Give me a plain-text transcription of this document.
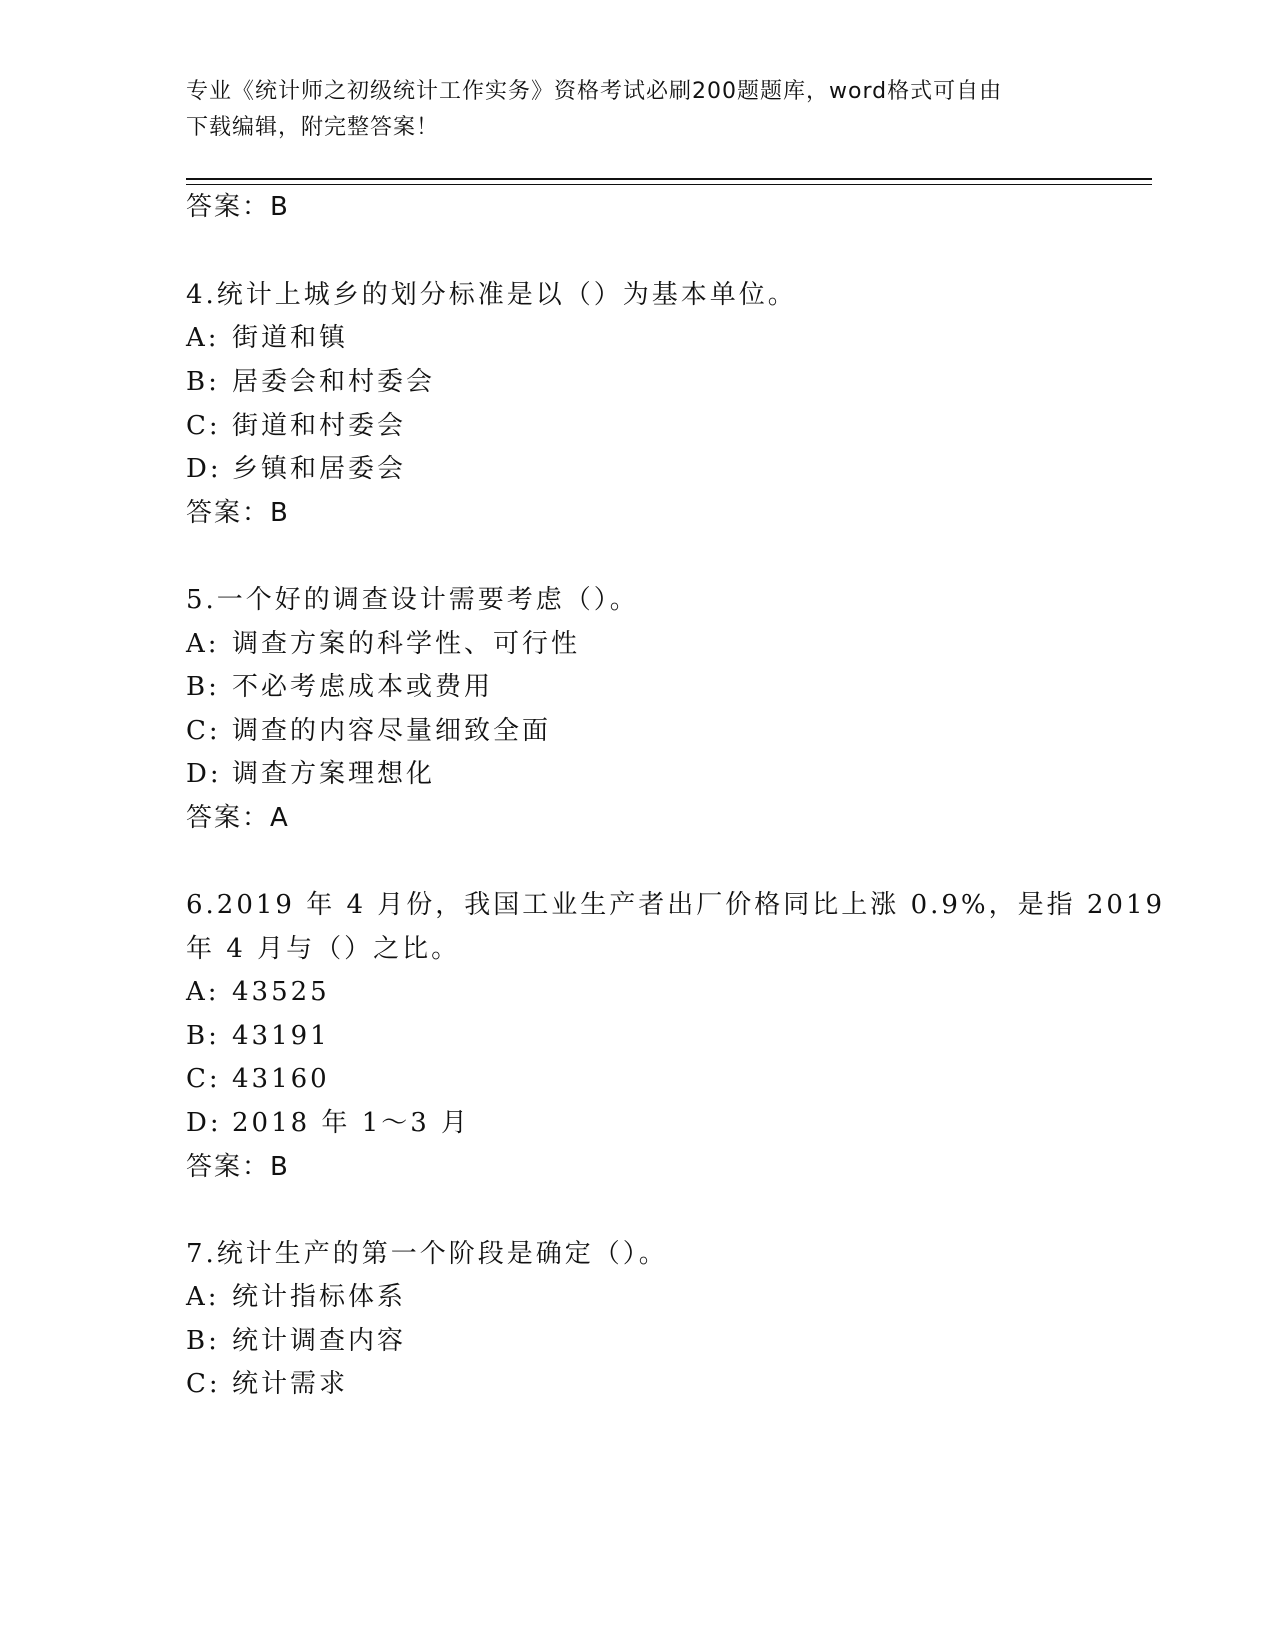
专业《统计师之初级统计工作实务》资格考试必刷200题题库，word格式可自由
下载编辑，附完整答案！
答案：B
4.统计上城乡的划分标准是以（）为基本单位。
A: 街道和镇
B: 居委会和村委会
C: 街道和村委会
D: 乡镇和居委会
答案：B
5.一个好的调查设计需要考虑（）。
A: 调查方案的科学性、可行性
B: 不必考虑成本或费用
C: 调查的内容尽量细致全面
D: 调查方案理想化
答案：A
6.2019 年 4 月份，我国工业生产者出厂价格同比上涨 0.9%，是指 2019
年 4 月与（）之比。
A: 43525
B: 43191
C: 43160
D: 2018 年 1～3 月
答案：B
7.统计生产的第一个阶段是确定（）。
A: 统计指标体系
B: 统计调查内容
C: 统计需求
